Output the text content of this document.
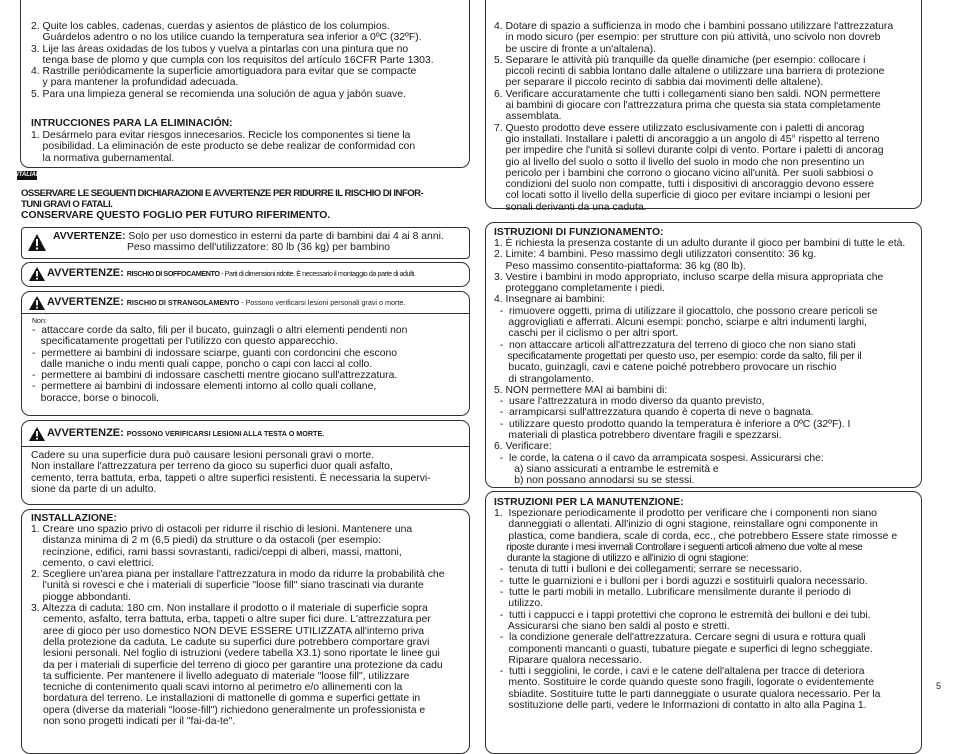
2. Quite los cables, cadenas, cuerdas y asientos de plástico de los columpios.

Guárdelos adentro o no los utilice cuando la temperatura sea inferior a 0ºC (32ºF).

3. Lije las áreas oxidadas de los tubos y vuelva a pintarlas con una pintura que no

tenga base de plomo y que cumpla con los requisitos del artículo 16CFR Parte 1303.

4. Rastrille periódicamente la superficie amortiguadora para evitar que se compacte

y para mantener la profundidad adecuada.

5. Para una limpieza general se recomienda una solución de agua y jabón suave.

INTRUCCIONES PARA LA ELIMINACIÓN:

1. Desármelo para evitar riesgos innecesarios. Recicle los componentes si tiene la

posibilidad. La eliminación de este producto se debe realizar de conformidad con

la normativa gubernamental.

ITALIAN

OSSERVARE LE SEGUENTI DICHIARAZIONI E AVVERTENZE PER RIDURRE IL RISCHIO DI INFOR-

TUNI GRAVI O FATALI.

CONSERVARE QUESTO FOGLIO PER FUTURO RIFERIMENTO.

AVVERTENZE: Solo per uso domestico in esterni da parte di bambini dai 4 ai 8 anni.

Peso massimo dell'utilizzatore: 80 lb (36 kg) per bambino

AVVERTENZE: RISCHIO DI SOFFOCAMENTO - Parti di dimensioni ridotte. È necessario il montaggio da parte di adulti.
AVVERTENZE: RISCHIO DI STRANGOLAMENTO - Possono verificarsi lesioni personali gravi o morte.
Non:

-  attaccare corde da salto, fili per il bucato, guinzagli o altri elementi pendenti non

specificatamente progettati per l'utilizzo con questo apparecchio.

-  permettere ai bambini di indossare sciarpe, guanti con cordoncini che escono

dalle maniche o indu menti quali cappe, poncho o capi con lacci al collo.

-  permettere ai bambini di indossare caschetti mentre giocano sull'attrezzatura.

-  permettere ai bambini di indossare elementi intorno al collo quali collane,

boracce, borse o binocoli.

AVVERTENZE: POSSONO VERIFICARSI LESIONI ALLA TESTA O MORTE.

Cadere su una superficie dura può causare lesioni personali gravi o morte.

Non installare l'attrezzatura per terreno da gioco su superfici duor quali asfalto,

cemento, terra battuta, erba, tappeti o altre superfici resistenti. È necessaria la supervi-

sione da parte di un adulto.

INSTALLAZIONE:

1. Creare uno spazio privo di ostacoli per ridurre il rischio di lesioni. Mantenere una

distanza minima di 2 m (6,5 piedi) da strutture o da ostacoli (per esempio:

recinzione, edifici, rami bassi sovrastanti, radici/ceppi di alberi, massi, mattoni,

cemento, o cavi elettrici.

2. Scegliere un'area piana per installare l'attrezzatura in modo da ridurre la probabilità che

l'unità si rovesci e che i materiali di superficie "loose fill" siano trascinati via durante

piogge abbondanti.

3. Altezza di caduta: 180 cm. Non installare il prodotto o il materiale di superficie sopra

cemento, asfalto, terra battuta, erba, tappeti o altre super fici dure. L'attrezzatura per

aree di gioco per uso domestico NON DEVE ESSERE UTILIZZATA all'interno priva

della protezione da caduta. Le cadute su superfici dure potrebbero comportare gravi

lesioni personali. Nel foglio di istruzioni (vedere tabella X3.1) sono riportate le linee gui

da per i materiali di superficie del terreno di gioco per garantire una protezione da cadu

ta sufficiente. Per mantenere il livello adeguato di materiale "loose fill", utilizzare

tecniche di contenimento quali scavi intorno al perimetro e/o allinementi con la

bordatura del terreno. Le installazioni di mattonelle di gomma e superfici gettate in

opera (diverse da materiali "loose-fill") richiedono generalmente un professionista e

non sono progetti indicati per il "fai-da-te".

4. Dotare di spazio a sufficienza in modo che i bambini possano utilizzare l'attrezzatura

in modo sicuro (per esempio: per strutture con più attività, uno scivolo non dovreb

be uscire di fronte a un'altalena).

5. Separare le attività più tranquille da quelle dinamiche (per esempio: collocare i

piccoli recinti di sabbia lontano dalle altalene o utilizzare una barriera di protezione

per separare il piccolo recinto di sabbia dai movimenti delle altalene).

6. Verificare accuratamente che tutti i collegamenti siano ben saldi. NON permettere

ai bambini di giocare con l'attrezzatura prima che questa sia stata completamente

assemblata.

7. Questo prodotto deve essere utilizzato esclusivamente con i paletti di ancorag

gio installati. Installare i paletti di ancoraggio a un angolo di 45° rispetto al terreno

per impedire che l'unità si sollevi durante colpi di vento. Portare i paletti di ancorag

gio al livello del suolo o sotto il livello del suolo in modo che non presentino un

pericolo per i bambini che corrono o giocano vicino all'unità. Per suoli sabbiosi o

condizioni del suolo non compatte, tutti i dispositivi di ancoraggio devono essere

col locati sotto il livello della superficie di gioco per evitare inciampi o lesioni per

sonali derivanti da una caduta.

ISTRUZIONI DI FUNZIONAMENTO:

1. È richiesta la presenza costante di un adulto durante il gioco per bambini di tutte le età.

2. Limite: 4 bambini. Peso massimo degli utilizzatori consentito: 36 kg.

Peso massimo consentito-piattaforma: 36 kg (80 lb).

3. Vestire i bambini in modo appropriato, incluso scarpe della misura appropriata che

proteggano completamente i piedi.

4. Insegnare ai bambini:

-  rimuovere oggetti, prima di utilizzare il giocattolo, che possono creare pericoli se

aggrovigliati e afferrati. Alcuni esempi: poncho, sciarpe e altri indumenti larghi,

caschi per il ciclismo o per altri sport.

-  non attaccare articoli all'attrezzatura del terreno di gioco che non siano stati

specificatamente progettati per questo uso, per esempio: corde da salto, fili per il

bucato, guinzagli, cavi e catene poiché potrebbero provocare un rischio

di strangolamento.

5. NON permettere MAI ai bambini di:

-  usare l'attrezzatura in modo diverso da quanto previsto,

-  arrampicarsi sull'attrezzatura quando è coperta di neve o bagnata.

-  utilizzare questo prodotto quando la temperatura è inferiore a 0ºC (32ºF). I

materiali di plastica potrebbero diventare fragili e spezzarsi.

6. Verificare:

-  le corde, la catena o il cavo da arrampicata sospesi. Assicurarsi che:

a) siano assicurati a entrambe le estremità e

b) non possano annodarsi su se stessi.

ISTRUZIONI PER LA MANUTENZIONE:

1.  Ispezionare periodicamente il prodotto per verificare che i componenti non siano

danneggiati o allentati. All'inizio di ogni stagione, reinstallare ogni componente in

plastica, come bandiera, scale di corda, ecc., che potrebbero Essere state rimosse e

riposte durante i mesi invernali Controllare i seguenti articoli almeno due volte al mese

durante la stagione di utilizzo e all'inizio di ogni stagione:

-  tenuta di tutti i bulloni e dei collegamenti; serrare se necessario.

-  tutte le guarnizioni e i bulloni per i bordi aguzzi e sostituirli qualora necessario.

-  tutte le parti mobili in metallo. Lubrificare mensilmente durante il periodo di

utilizzo.

-  tutti i cappucci e i tappi protettivi che coprono le estremità dei bulloni e dei tubi.

Assicurarsi che siano ben saldi al posto e stretti.

-  la condizione generale dell'attrezzatura. Cercare segni di usura e rottura quali

componenti mancanti o guasti, tubature piegate e superfici di legno scheggiate.

Riparare qualora necessario.

-  tutti i seggiolini, le corde, i cavi e le catene dell'altalena per tracce di deteriora

mento. Sostituire le corde quando queste sono fragili, logorate o evidentemente

sbiadite. Sostituire tutte le parti danneggiate o usurate qualora necessario. Per la

sostituzione delle parti, vedere le Informazioni di contatto in alto alla Pagina 1.

5
